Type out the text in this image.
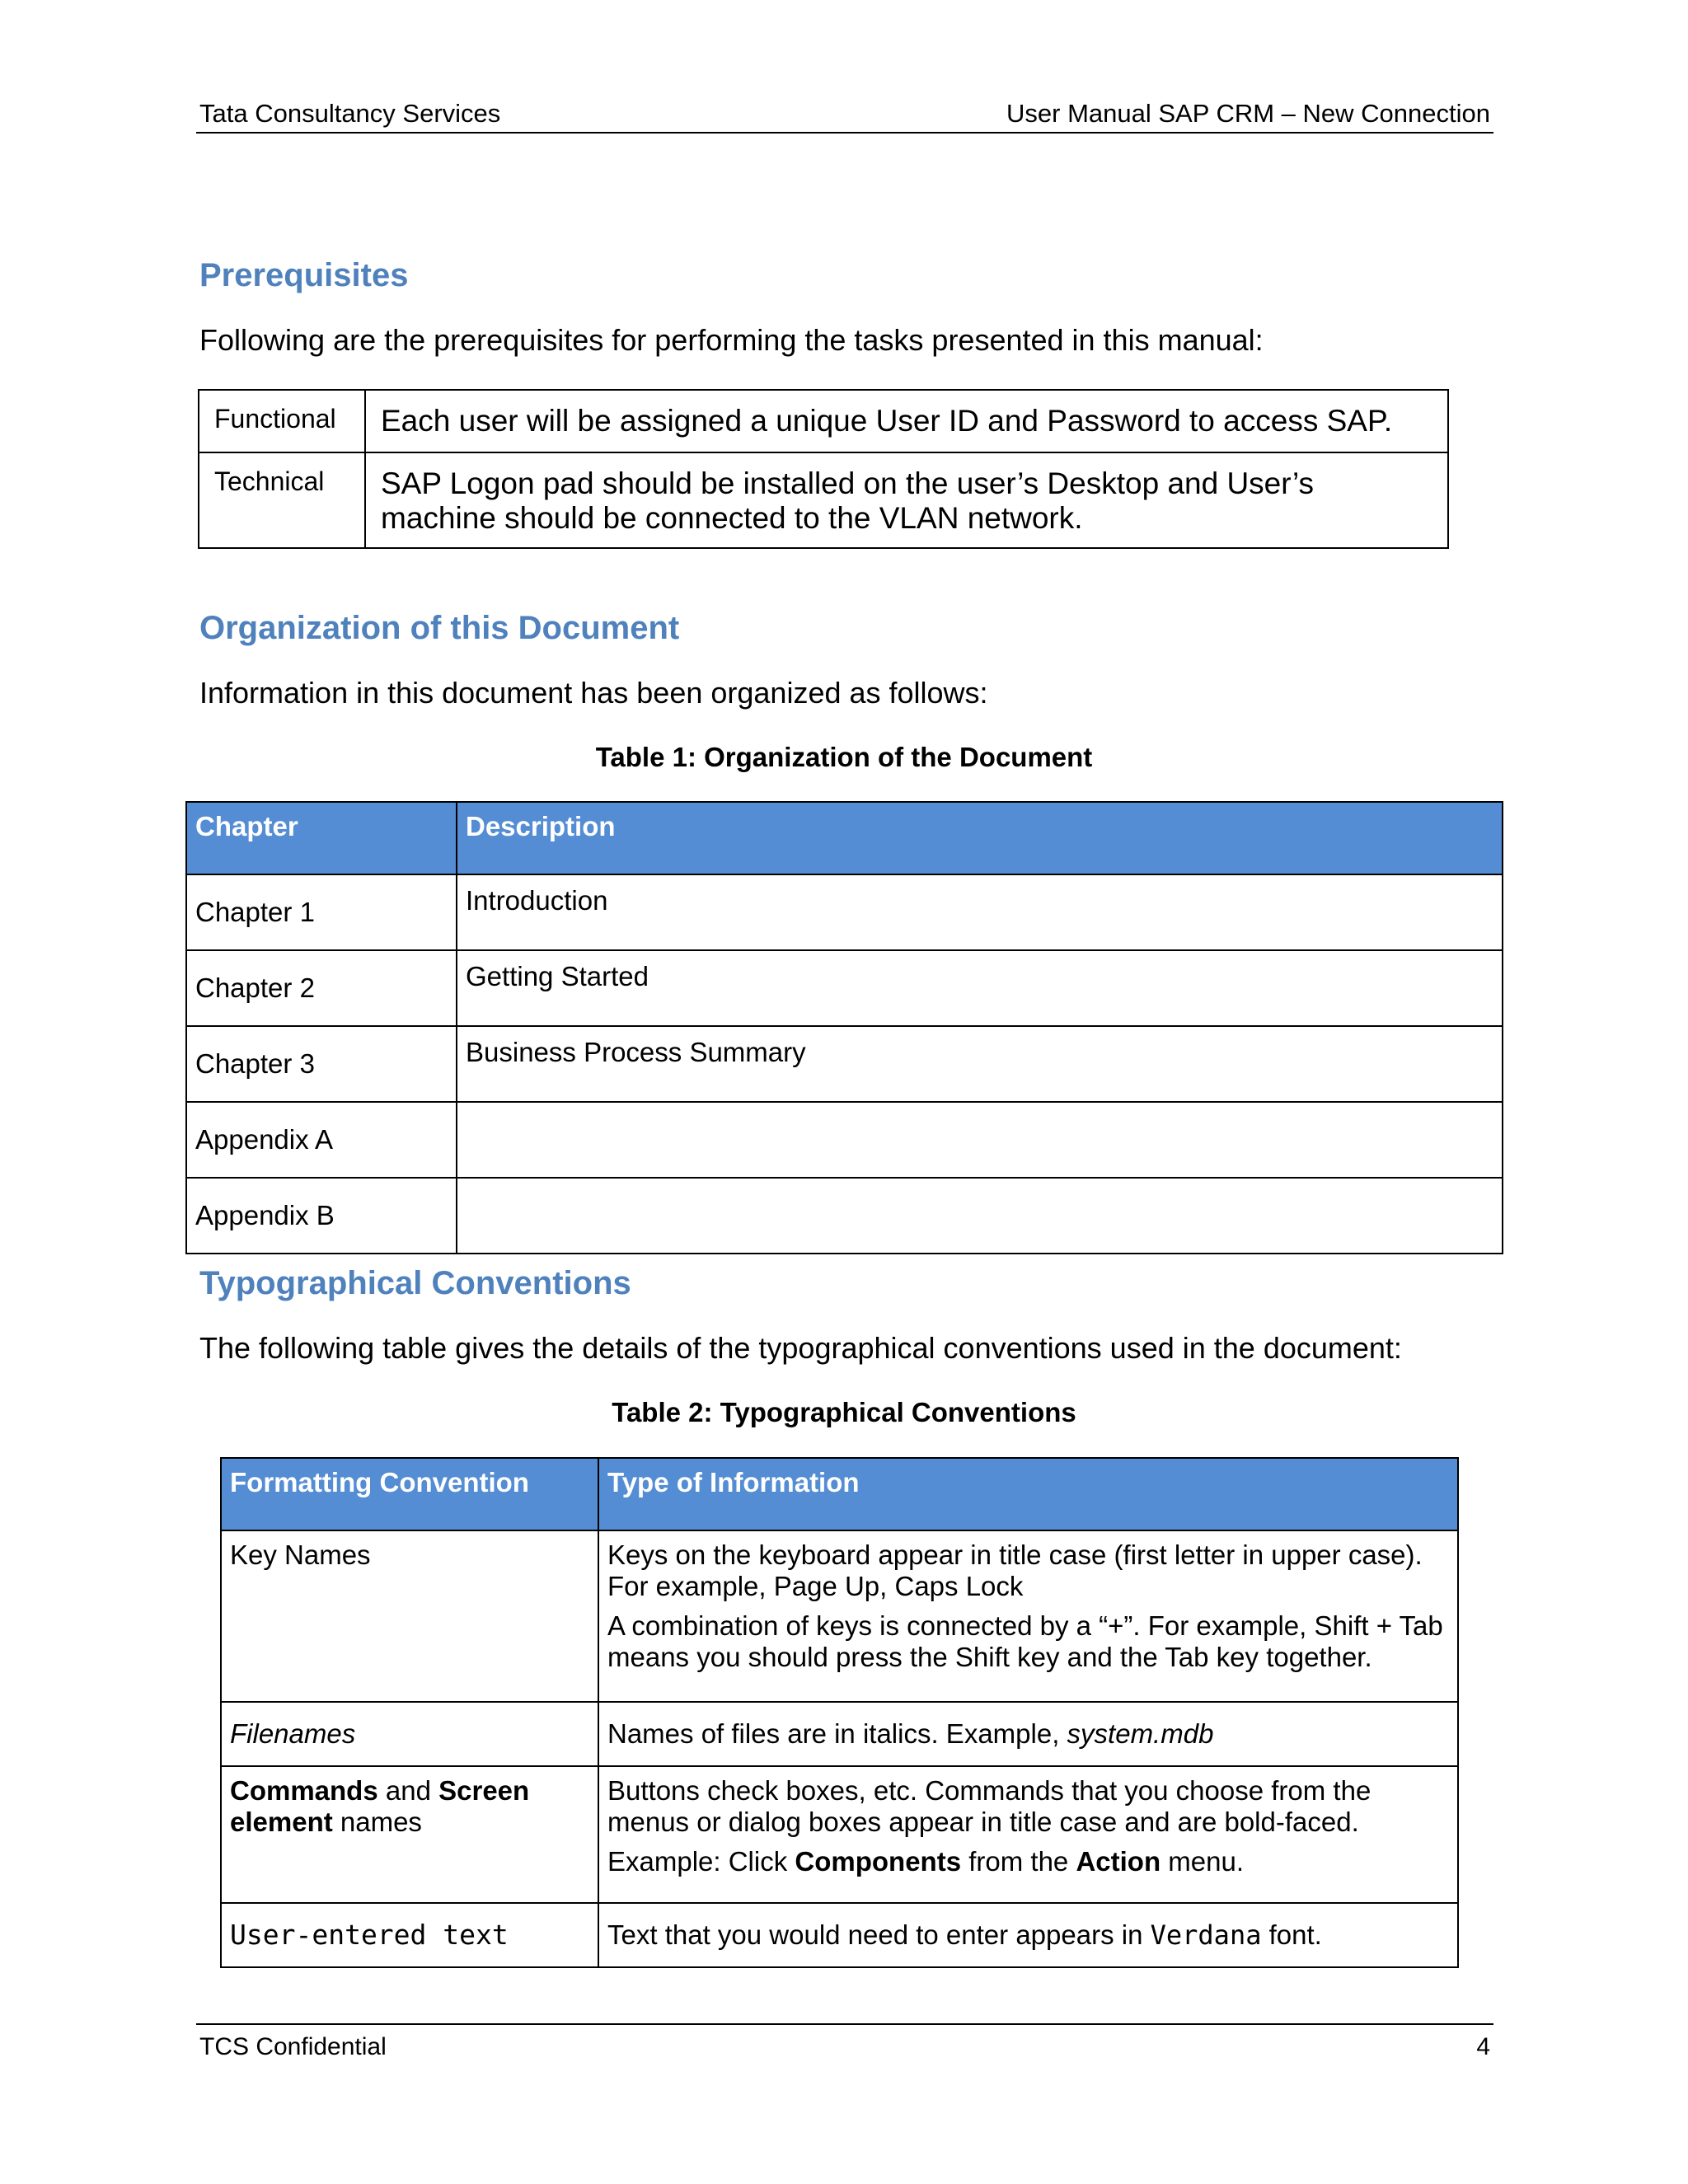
Tata Consultancy Services	User Manual SAP CRM – New Connection
Prerequisites

Following are the prerequisites for performing the tasks presented in this manual:

Functional	Each user will be assigned a unique User ID and Password to access SAP.
Technical	SAP Logon pad should be installed on the user’s Desktop and User’s machine should be connected to the VLAN network.
Organization of this Document

Information in this document has been organized as follows:

Table 1: Organization of the Document

Chapter	Description
Chapter 1	Introduction
Chapter 2	Getting Started
Chapter 3	Business Process Summary
Appendix A	
Appendix B	
Typographical Conventions

The following table gives the details of the typographical conventions used in the document:

Table 2: Typographical Conventions

Formatting Convention	Type of Information
Key Names	Keys on the keyboard appear in title case (first letter in upper case). For example, Page Up, Caps Lock

A combination of keys is connected by a “+”. For example, Shift + Tab means you should press the Shift key and the Tab key together.

Filenames	Names of files are in italics. Example, system.mdb
Commands and Screen element names	Buttons check boxes, etc. Commands that you choose from the menus or dialog boxes appear in title case and are bold-faced.

Example: Click Components from the Action menu.

User-entered text	Text that you would need to enter appears in Verdana font.
TCS Confidential	4
